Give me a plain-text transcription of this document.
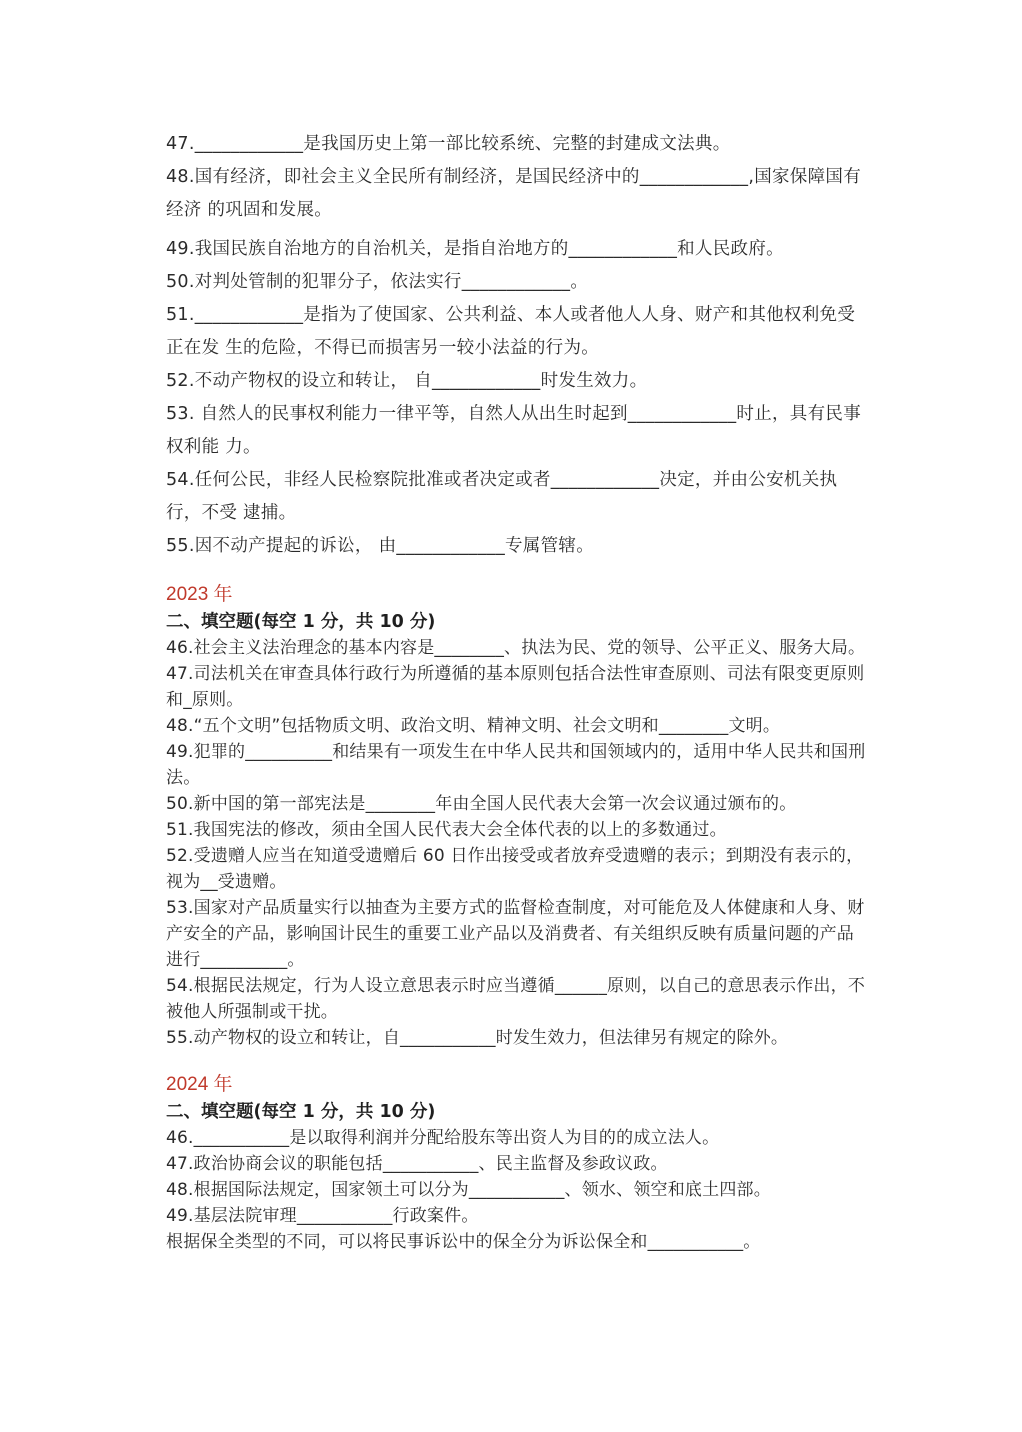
47.____________是我国历史上第一部比较系统、完整的封建成文法典。
48.国有经济，即社会主义全民所有制经济，是国民经济中的____________,国家保障国有经济 的巩固和发展。
49.我国民族自治地方的自治机关，是指自治地方的____________和人民政府。
50.对判处管制的犯罪分子，依法实行____________。
51.____________是指为了使国家、公共利益、本人或者他人人身、财产和其他权利免受正在发 生的危险，不得已而损害另一较小法益的行为。
52.不动产物权的设立和转让， 自____________时发生效力。
53. 自然人的民事权利能力一律平等，自然人从出生时起到____________时止，具有民事权利能 力。
54.任何公民，非经人民检察院批准或者决定或者____________决定，并由公安机关执行，不受 逮捕。
55.因不动产提起的诉讼， 由____________专属管辖。
2023 年
二、填空题(每空 1 分，共 10 分)
46.社会主义法治理念的基本内容是________、执法为民、党的领导、公平正义、服务大局。
47.司法机关在审查具体行政行为所遵循的基本原则包括合法性审查原则、司法有限变更原则和_原则。
48.“五个文明”包括物质文明、政治文明、精神文明、社会文明和________文明。
49.犯罪的__________和结果有一项发生在中华人民共和国领域内的，适用中华人民共和国刑法。
50.新中国的第一部宪法是________年由全国人民代表大会第一次会议通过颁布的。
51.我国宪法的修改，须由全国人民代表大会全体代表的以上的多数通过。
52.受遗赠人应当在知道受遗赠后 60 日作出接受或者放弃受遗赠的表示；到期没有表示的，视为__受遗赠。
53.国家对产品质量实行以抽查为主要方式的监督检查制度，对可能危及人体健康和人身、财产安全的产品，影响国计民生的重要工业产品以及消费者、有关组织反映有质量问题的产品进行__________。
54.根据民法规定，行为人设立意思表示时应当遵循______原则，以自己的意思表示作出，不被他人所强制或干扰。
55.动产物权的设立和转让，自___________时发生效力，但法律另有规定的除外。
2024 年
二、填空题(每空 1 分，共 10 分)
46.___________是以取得利润并分配给股东等出资人为目的的成立法人。
47.政治协商会议的职能包括___________、民主监督及参政议政。
48.根据国际法规定，国家领土可以分为___________、领水、领空和底土四部。
49.基层法院审理___________行政案件。
根据保全类型的不同，可以将民事诉讼中的保全分为诉讼保全和___________。
